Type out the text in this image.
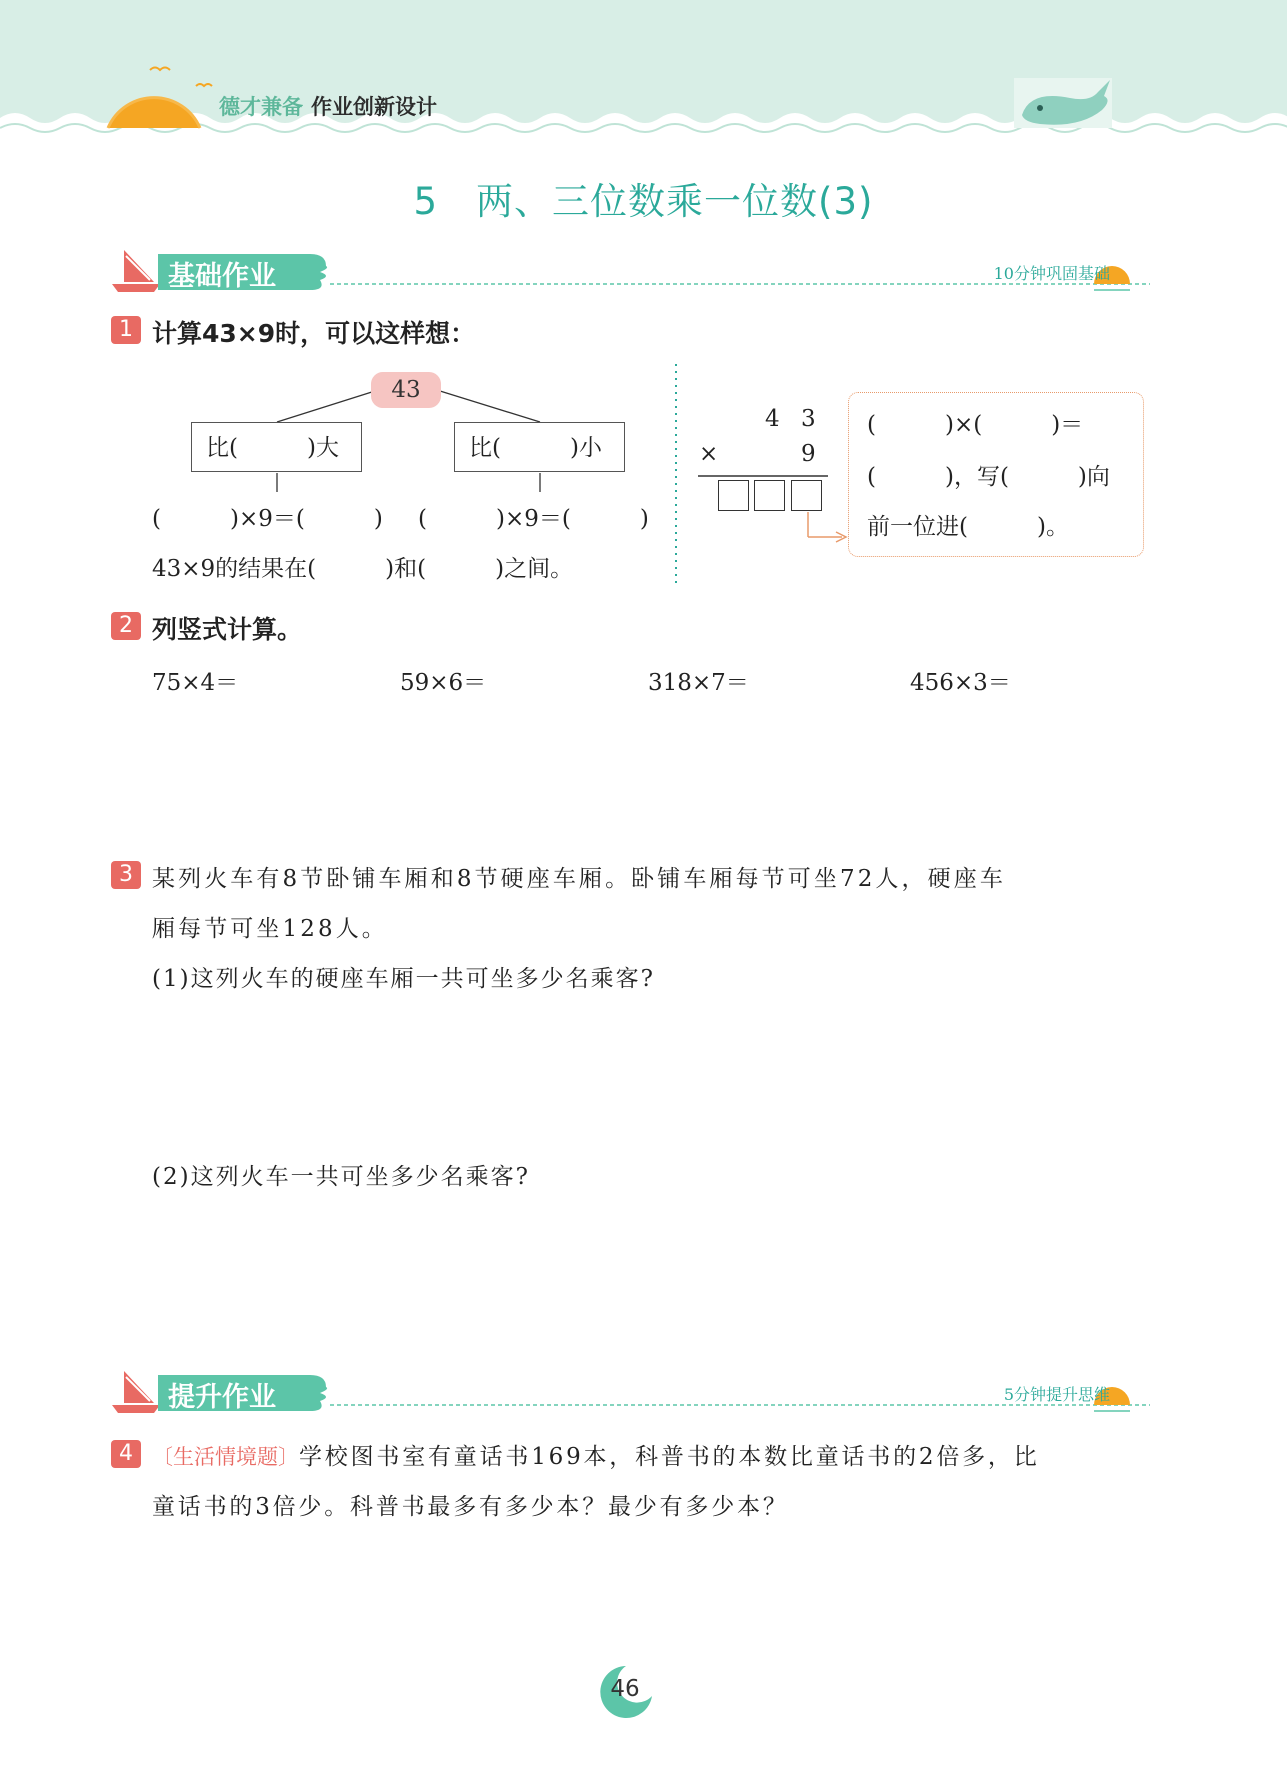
德才兼备 作业创新设计
5　两、三位数乘一位数(3)
基础作业	10分钟巩固基础
1 计算43×9时，可以这样想：
43
比(　　　)大	比(　　　)小
(　　　)×9＝(　　　) (　　　)×9＝(　　　)
43×9的结果在(　　　)和(　　　)之间。
4 3
×	9
(　　　)×(　　　)＝
(　　　)，写(　　　)向
前一位进(　　　)。
2 列竖式计算。
75×4＝	59×6＝	318×7＝	456×3＝
3 某列火车有8节卧铺车厢和8节硬座车厢。卧铺车厢每节可坐72人，硬座车
厢每节可坐128人。
(1)这列火车的硬座车厢一共可坐多少名乘客?
(2)这列火车一共可坐多少名乘客?
提升作业	5分钟提升思维
4 〔生活情境题〕学校图书室有童话书169本，科普书的本数比童话书的2倍多，比
童话书的3倍少。科普书最多有多少本？最少有多少本？
46
